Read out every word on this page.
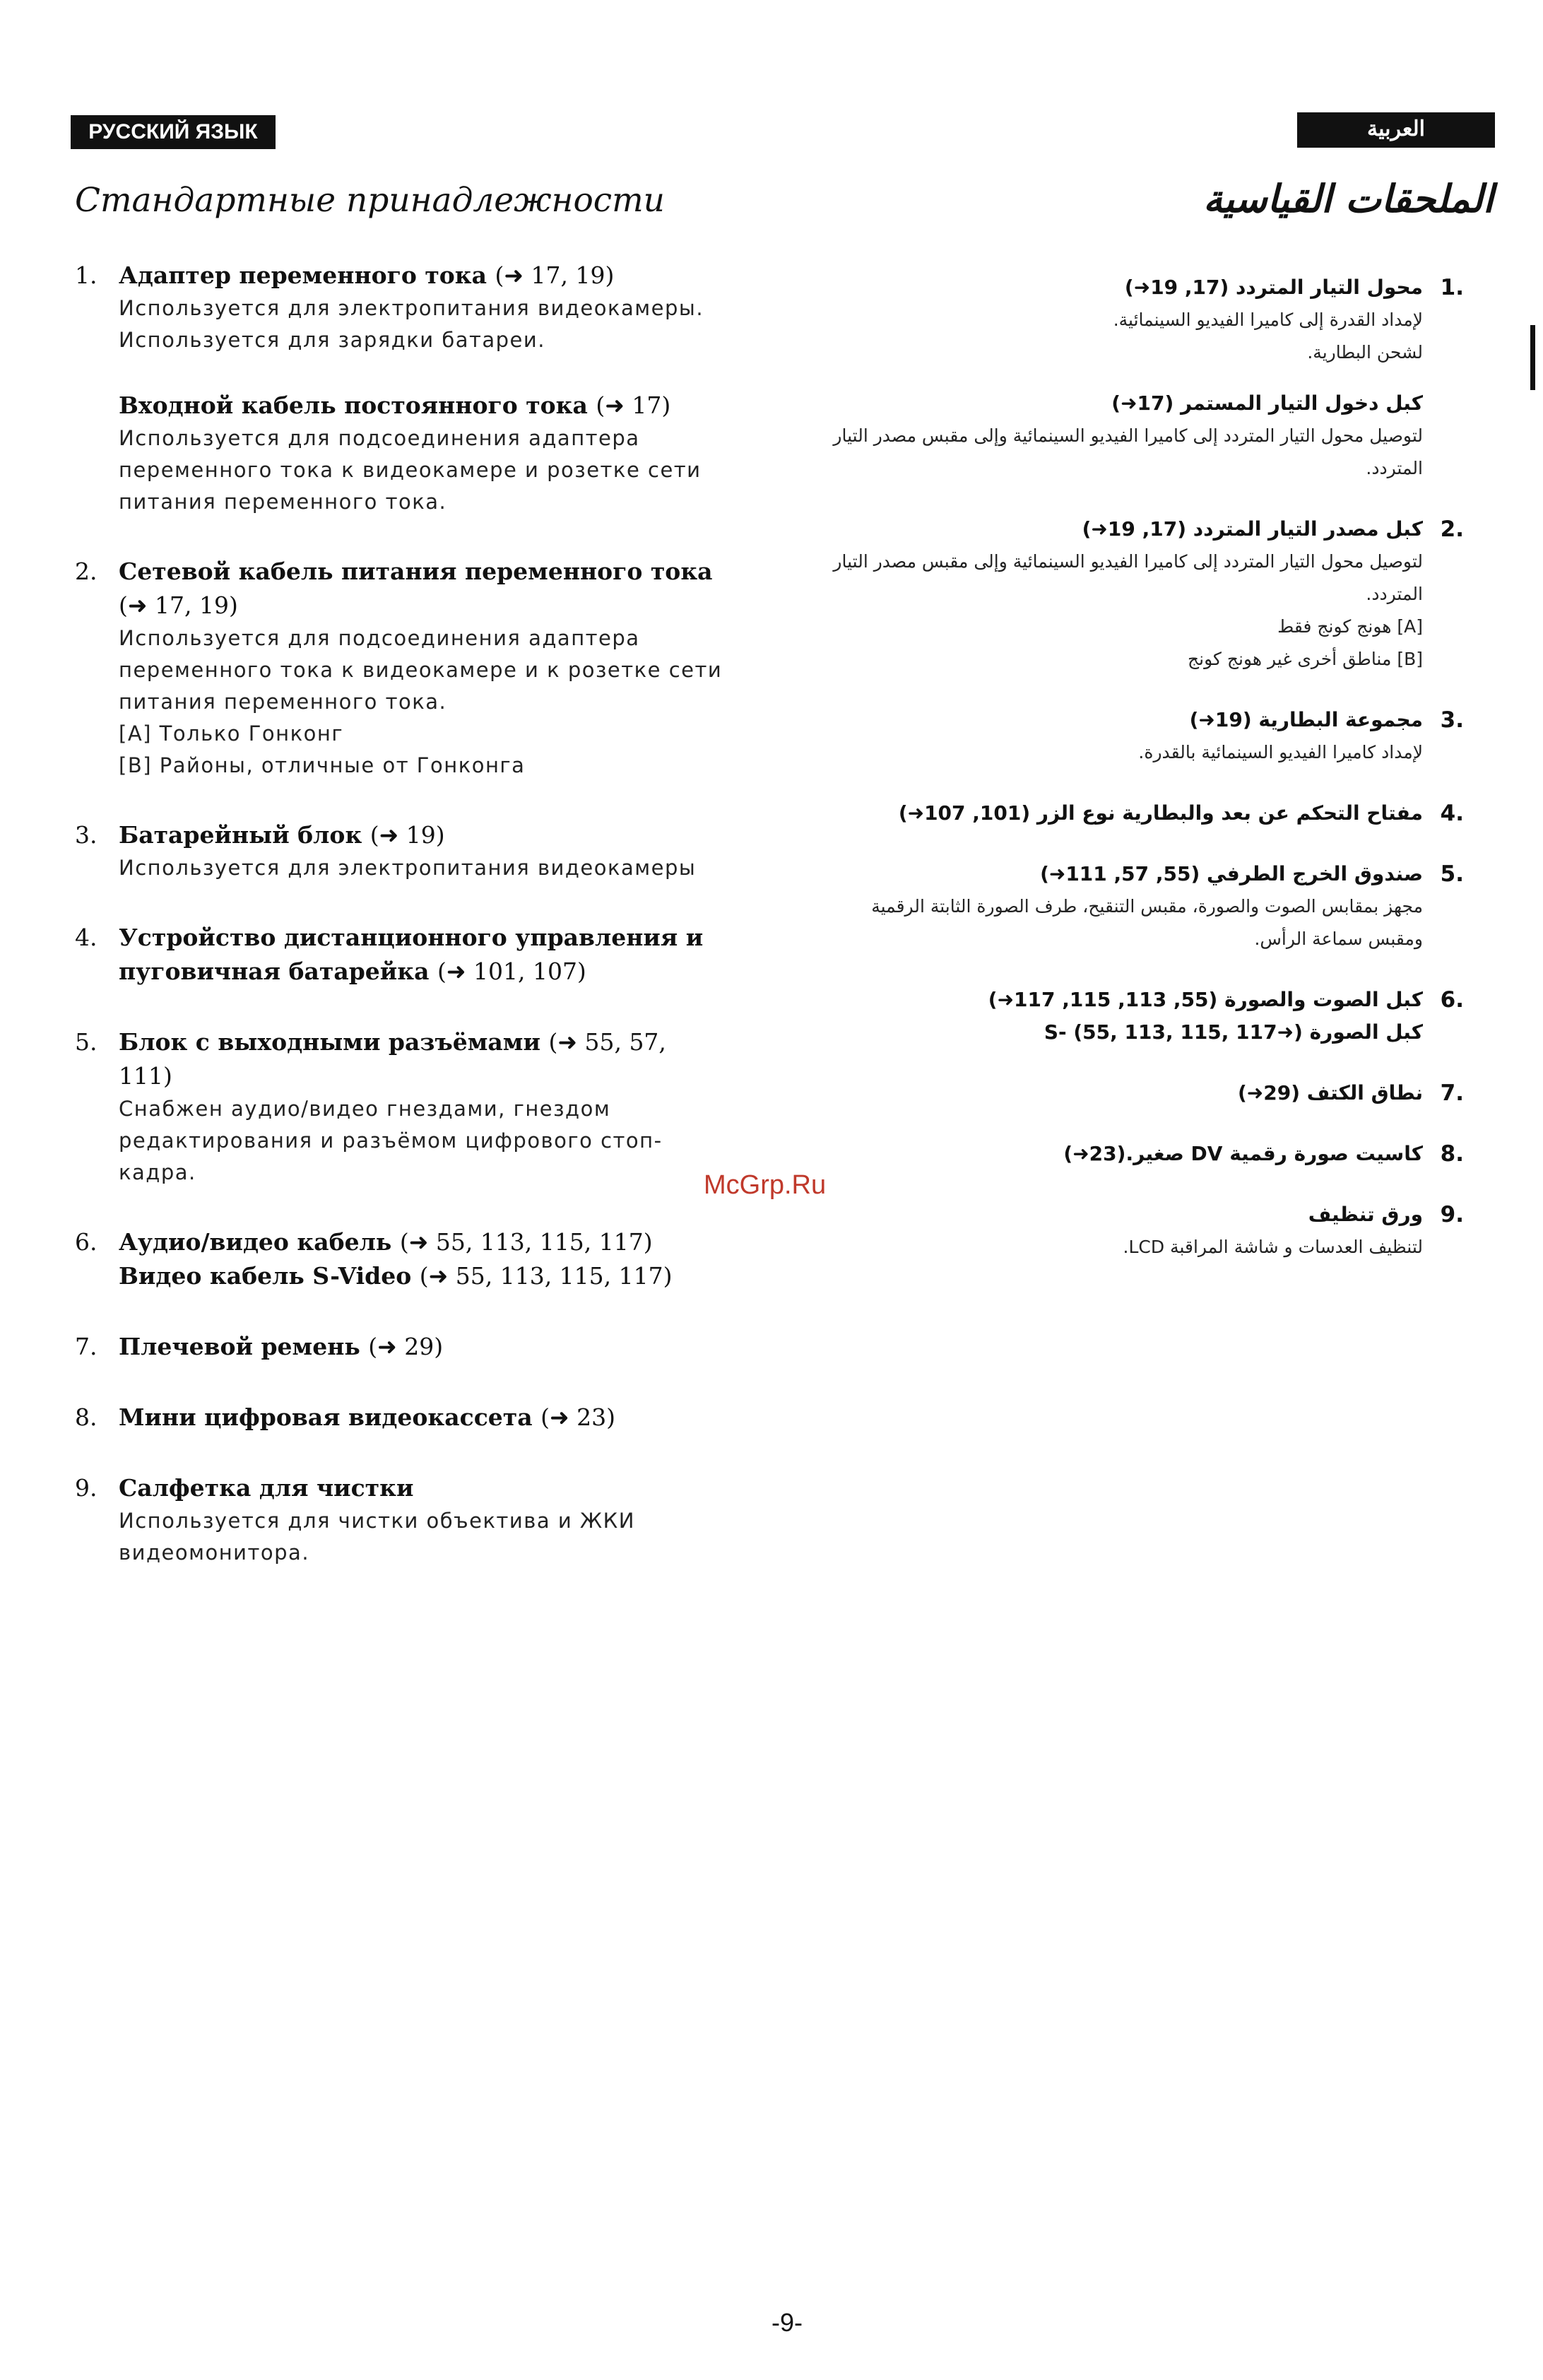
РУССКИЙ ЯЗЫК	العربية
Стандартные принадлежности	الملحقات القياسية
1. Адаптер переменного тока (➜ 17, 19)

Используется для электропитания видеокамеры.

Используется для зарядки батареи.

Входной кабель постоянного тока (➜ 17)

Используется для подсоединения адаптера

переменного тока к видеокамере и розетке сети

питания переменного тока.

2. Сетевой кабель питания переменного тока

(➜ 17, 19)

Используется для подсоединения адаптера

переменного тока к видеокамере и к розетке сети

питания переменного тока.

[A] Только Гонконг

[B] Районы, отличные от Гонконга

3. Батарейный блок (➜ 19)

Используется для электропитания видеокамеры

4. Устройство дистанционного управления и

пуговичная батарейка (➜ 101, 107)

5. Блок с выходными разъёмами (➜ 55, 57, 111)

Снабжен аудио/видео гнездами, гнездом

редактирования и разъёмом цифрового стоп-

кадра.

6. Аудио/видео кабель (➜ 55, 113, 115, 117)

Видео кабель S-Video (➜ 55, 113, 115, 117)

7. Плечевой ремень (➜ 29)

8. Мини цифровая видеокассета (➜ 23)

9. Салфетка для чистки

Используется для чистки объектива и ЖКИ

видеомонитора.

.1

محول التيار المتردد (17, 19➜)

لإمداد القدرة إلى كاميرا الفيديو السينمائية.

لشحن البطارية.

كبل دخول التيار المستمر (17➜)

لتوصيل محول التيار المتردد إلى كاميرا الفيديو السينمائية وإلى مقبس مصدر التيار

المتردد.

.2

كبل مصدر التيار المتردد (17, 19➜)

لتوصيل محول التيار المتردد إلى كاميرا الفيديو السينمائية وإلى مقبس مصدر التيار

المتردد.

[A] هونج كونج فقط

[B] مناطق أخرى غير هونج كونج

.3

مجموعة البطارية (19➜)

لإمداد كاميرا الفيديو السينمائية بالقدرة.

.4

مفتاح التحكم عن بعد والبطارية نوع الزر (101, 107➜)

.5

صندوق الخرج الطرفي (55, 57, 111➜)

مجهز بمقابس الصوت والصورة، مقبس التنقيح، طرف الصورة الثابتة الرقمية

ومقبس سماعة الرأس.

.6

كبل الصوت والصورة (55, 113, 115, 117➜)

كبل الصورة S- (55, 113, 115, 117➜)

.7

نطاق الكتف (29➜)

.8

كاسيت صورة رقمية DV صغير.(23➜)

.9

ورق تنظيف

لتنظيف العدسات و شاشة المراقبة LCD.

McGrp.Ru
-9-
